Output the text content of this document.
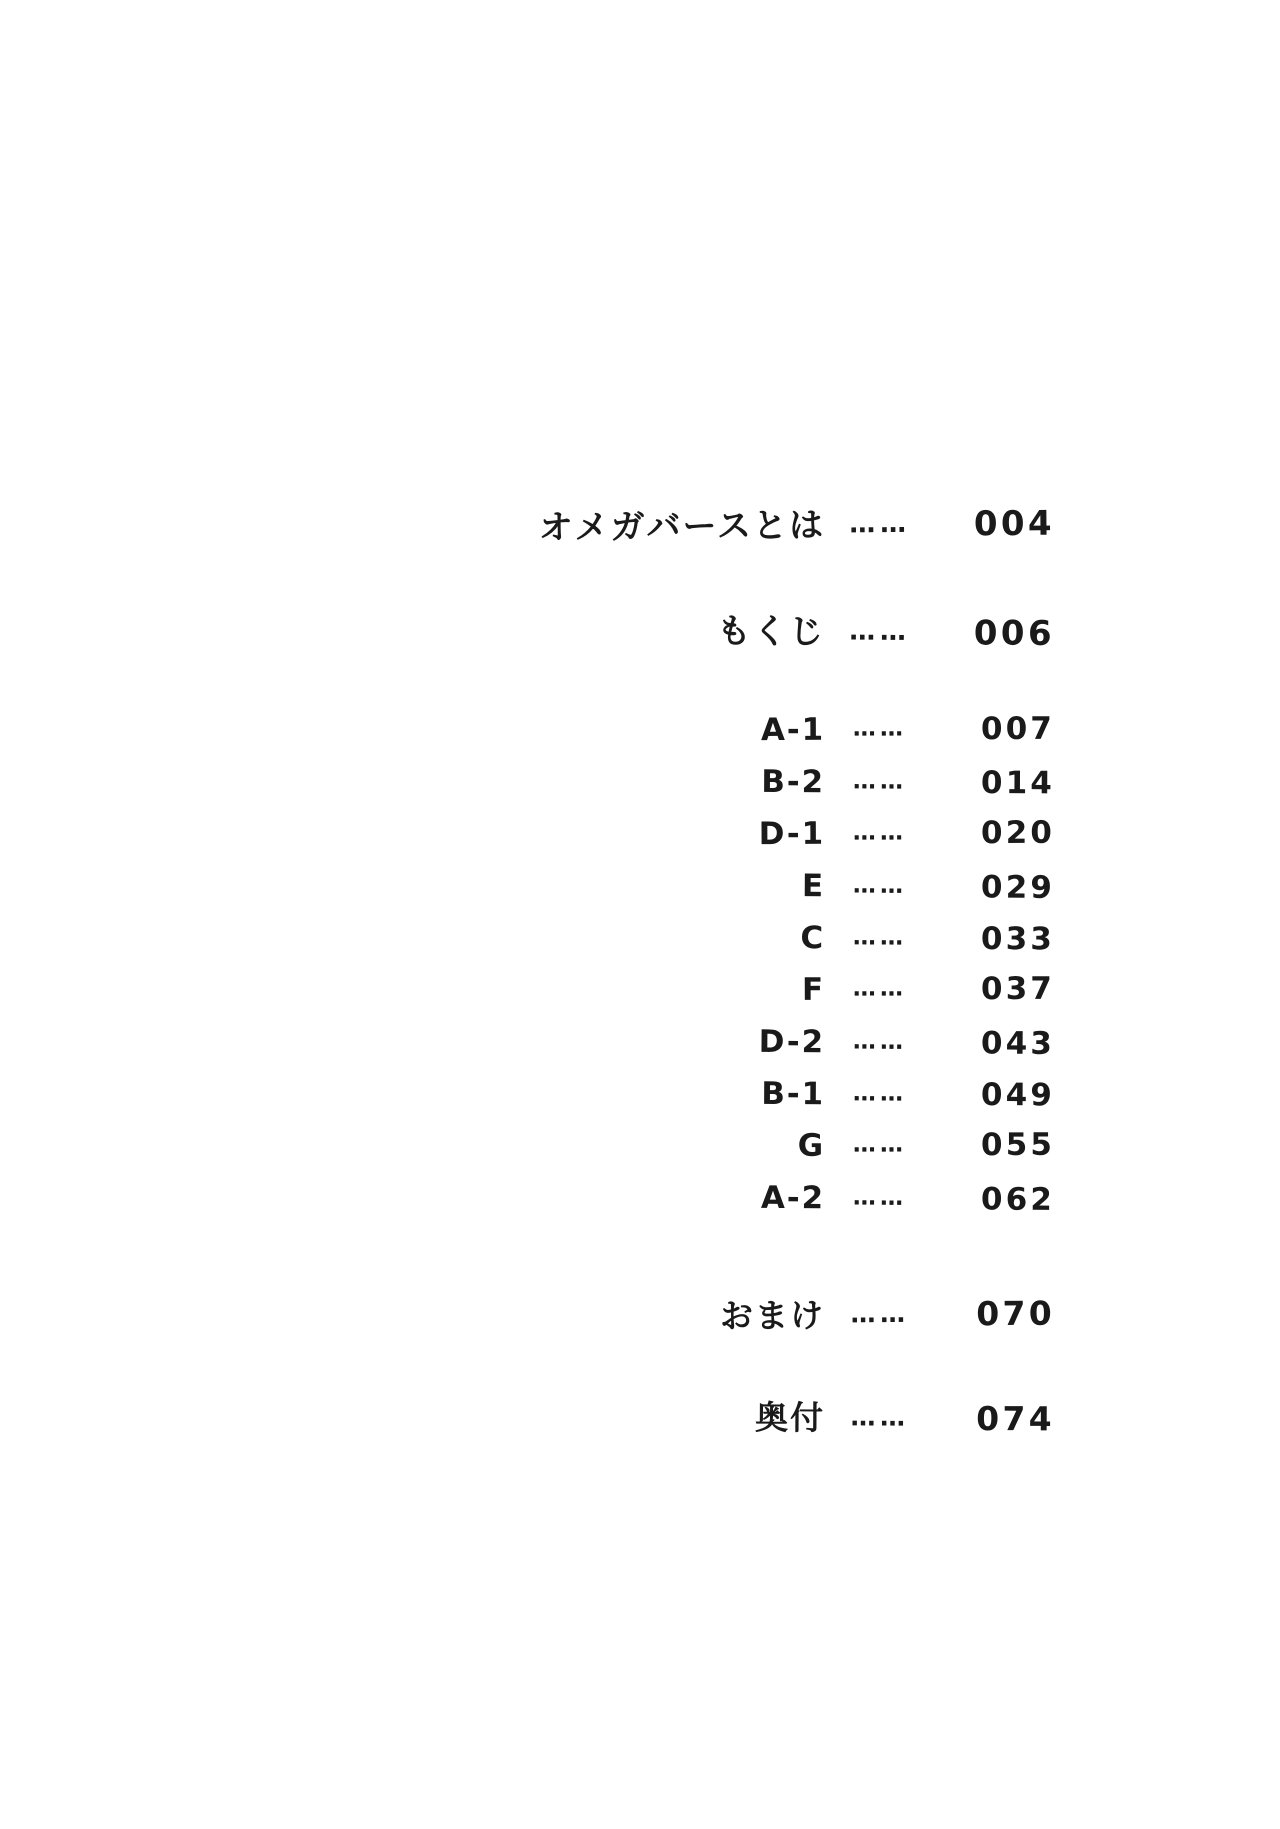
オメガバースとは ……	004
もくじ ……	006
A-1	……	007
B-2	……	014
D-1	……	020
E	……	029
C	……	033
F	……	037
D-2	……	043
B-1	……	049
G	……	055
A-2	……	062
おまけ	……	070
奥付	……	074
